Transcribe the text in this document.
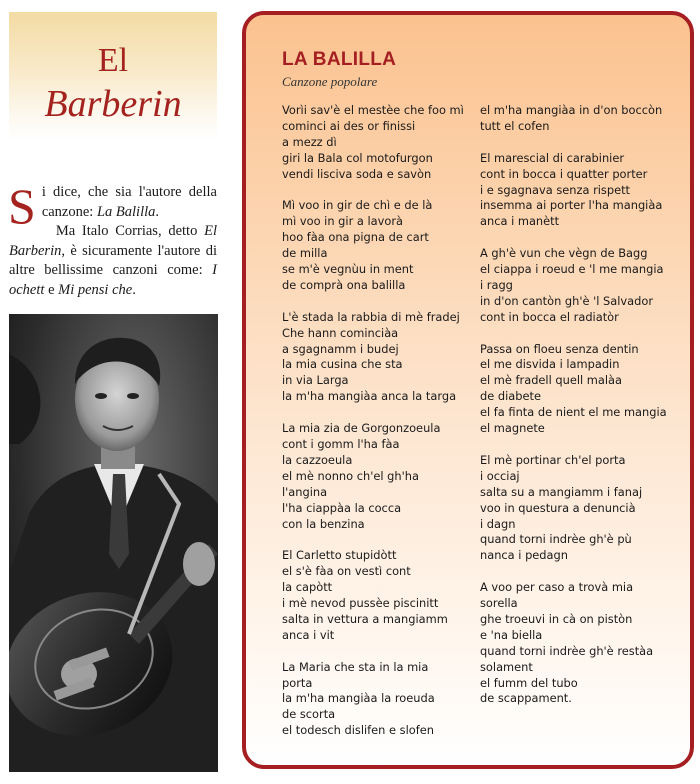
El
Barberin

Si dice, che sia l'autore della canzone: La Balilla.

Ma Italo Corrias, detto El Barberin, è sicuramente l'autore di altre bellissime canzoni come: I ochett e Mi pensi che.

LA BALILLA
Canzone popolare
Vorìi sav'è el mestèe che foo mì
cominci ai des or finissi
a mezz dì
giri la Bala col motofurgon
vendi lisciva soda e savòn
Mì voo in gir de chì e de là
mì voo in gir a lavorà
hoo fàa ona pigna de cart
de milla
se m'è vegnùu in ment
de comprà ona balilla
L'è stada la rabbia di mè fradej
Che hann cominciàa
a sgagnamm i budej
la mia cusina che sta
in via Larga
la m'ha mangiàa anca la targa
La mia zia de Gorgonzoeula
cont i gomm l'ha fàa
la cazzoeula
el mè nonno ch'el gh'ha
l'angina
l'ha ciappàa la cocca
con la benzina
El Carletto stupidòtt
el s'è fàa on vestì cont
la capòtt
i mè nevod pussèe piscinitt
salta in vettura a mangiamm
anca i vit
La Maria che sta in la mia
porta
la m'ha mangiàa la roeuda
de scorta
el todesch dislifen e slofen
el m'ha mangiàa in d'on boccòn
tutt el cofen
El marescial di carabinier
cont in bocca i quatter porter
i e sgagnava senza rispett
insemma ai porter l'ha mangiàa
anca i manètt
A gh'è vun che vègn de Bagg
el ciappa i roeud e 'l me mangia
i ragg
in d'on cantòn gh'è 'l Salvador
cont in bocca el radiatòr
Passa on floeu senza dentin
el me disvida i lampadin
el mè fradell quell malàa
de diabete
el fa finta de nient el me mangia
el magnete
El mè portinar ch'el porta
i occiaj
salta su a mangiamm i fanaj
voo in questura a denuncià
i dagn
quand torni indrèe gh'è pù
nanca i pedagn
A voo per caso a trovà mia
sorella
ghe troeuvi in cà on pistòn
e 'na biella
quand torni indrèe gh'è restàa
solament
el fumm del tubo
de scappament.
